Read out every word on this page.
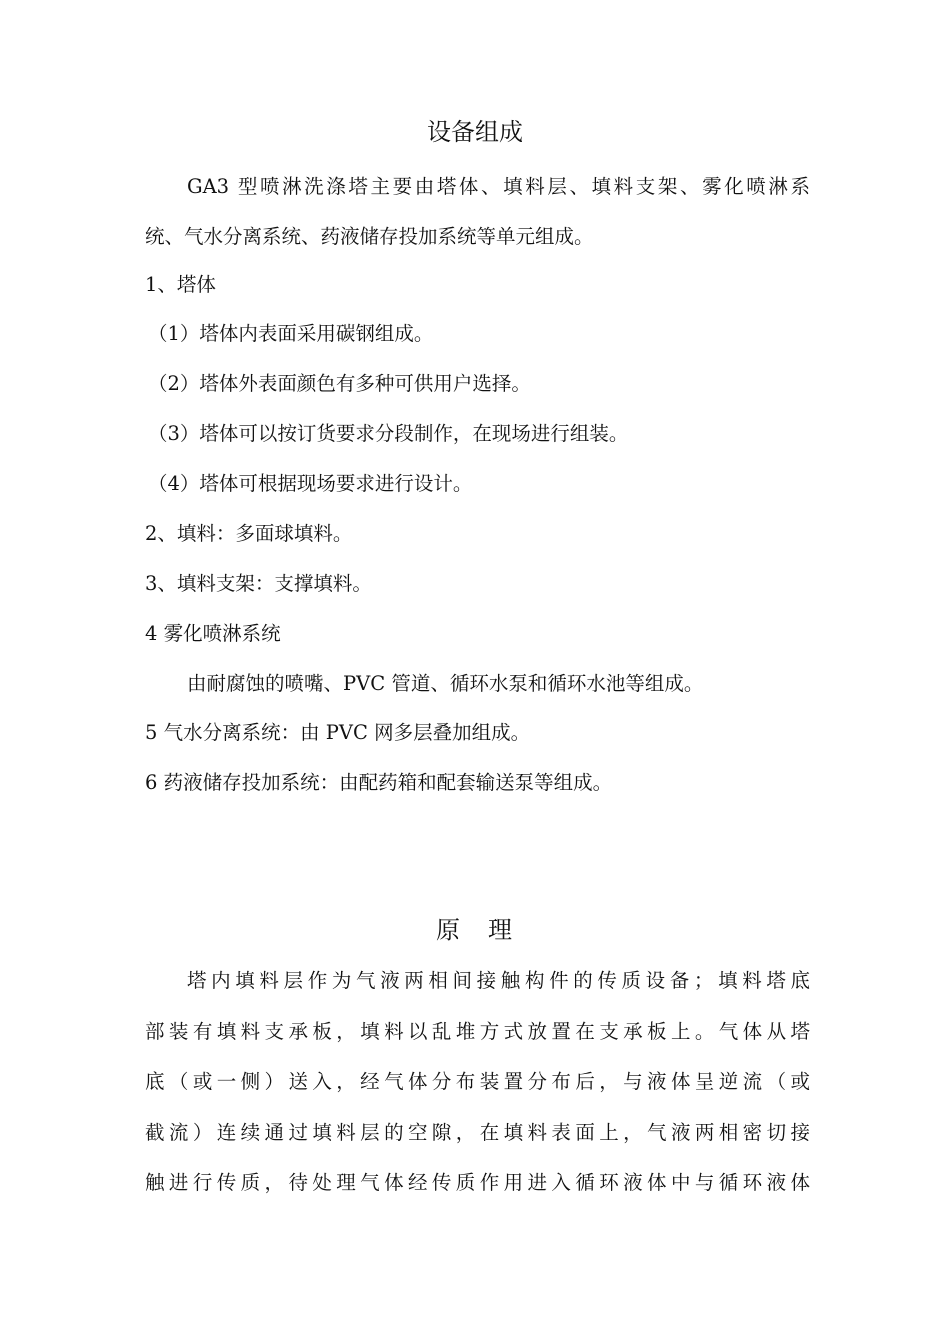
设备组成

GA3 型喷淋洗涤塔主要由塔体、填料层、填料支架、雾化喷淋系

统、气水分离系统、药液储存投加系统等单元组成。

1、塔体

（1）塔体内表面采用碳钢组成。

（2）塔体外表面颜色有多种可供用户选择。

（3）塔体可以按订货要求分段制作，在现场进行组装。

（4）塔体可根据现场要求进行设计。

2、填料：多面球填料。

3、填料支架：支撑填料。

4 雾化喷淋系统

由耐腐蚀的喷嘴、PVC 管道、循环水泵和循环水池等组成。

5 气水分离系统：由 PVC 网多层叠加组成。

6 药液储存投加系统：由配药箱和配套输送泵等组成。

原　理

塔内填料层作为气液两相间接触构件的传质设备；填料塔底

部装有填料支承板，填料以乱堆方式放置在支承板上。气体从塔

底（或一侧）送入，经气体分布装置分布后，与液体呈逆流（或

截流）连续通过填料层的空隙，在填料表面上，气液两相密切接

触进行传质，待处理气体经传质作用进入循环液体中与循环液体
